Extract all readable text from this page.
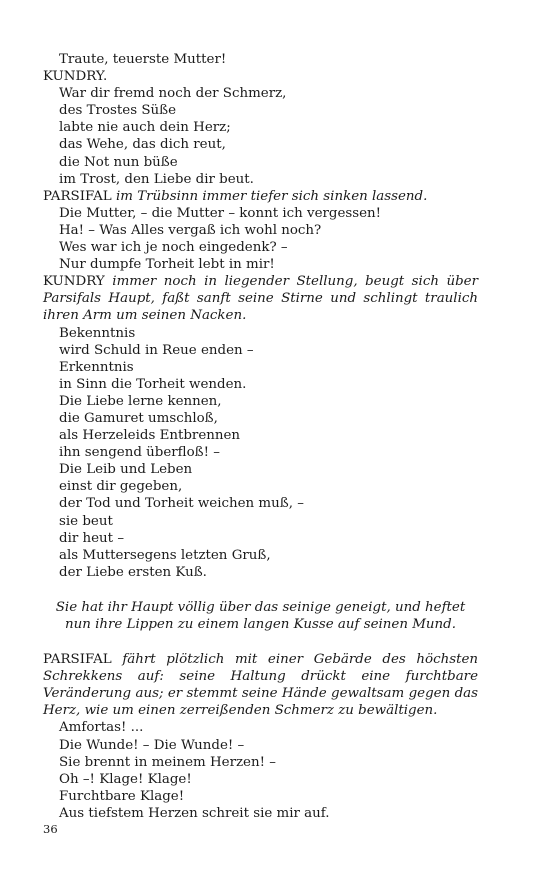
Traute, teuerste Mutter!
KUNDRY.
War dir fremd noch der Schmerz,
des Trostes Süße
labte nie auch dein Herz;
das Wehe, das dich reut,
die Not nun büße
im Trost, den Liebe dir beut.
PARSIFAL im Trübsinn immer tiefer sich sinken lassend.
Die Mutter, – die Mutter – konnt ich vergessen!
Ha! – Was Alles vergaß ich wohl noch?
Wes war ich je noch eingedenk? –
Nur dumpfe Torheit lebt in mir!
KUNDRY immer noch in liegender Stellung, beugt sich über Parsifals Haupt, faßt sanft seine Stirne und schlingt traulich ihren Arm um seinen Nacken.
Bekenntnis
wird Schuld in Reue enden –
Erkenntnis
in Sinn die Torheit wenden.
Die Liebe lerne kennen,
die Gamuret umschloß,
als Herzeleids Entbrennen
ihn sengend überfloß! –
Die Leib und Leben
einst dir gegeben,
der Tod und Torheit weichen muß, –
sie beut
dir heut –
als Muttersegens letzten Gruß,
der Liebe ersten Kuß.
Sie hat ihr Haupt völlig über das seinige geneigt, und heftet nun ihre Lippen zu einem langen Kusse auf seinen Mund.
PARSIFAL fährt plötzlich mit einer Gebärde des höchsten Schrekkens auf: seine Haltung drückt eine furchtbare Veränderung aus; er stemmt seine Hände gewaltsam gegen das Herz, wie um einen zerreißenden Schmerz zu bewältigen.
Amfortas! ...
Die Wunde! – Die Wunde! –
Sie brennt in meinem Herzen! –
Oh –! Klage! Klage!
Furchtbare Klage!
Aus tiefstem Herzen schreit sie mir auf.
36
